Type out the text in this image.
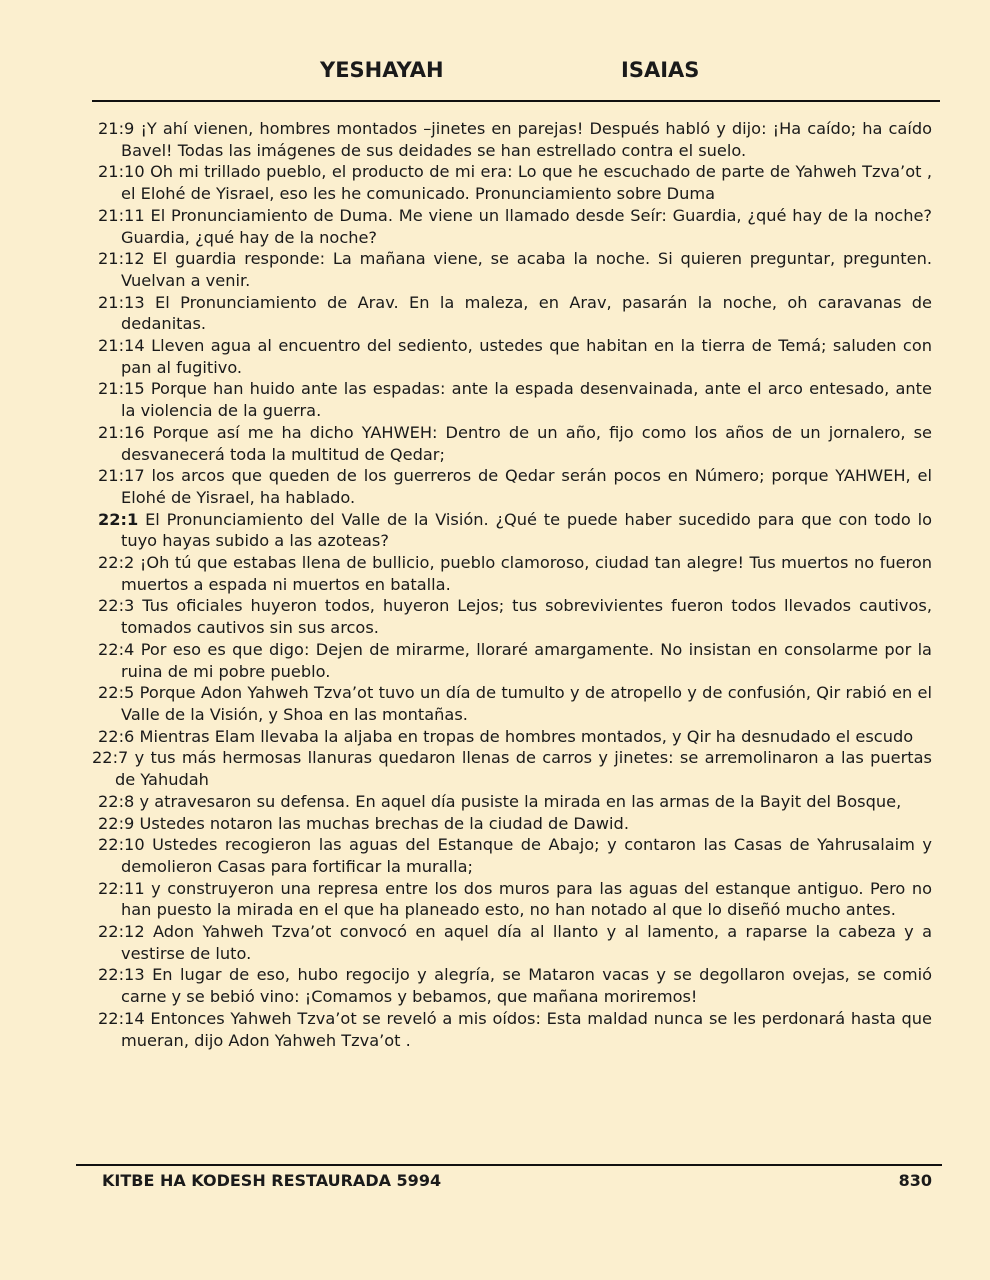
YESHAYAH	ISAIAS
21:9 ¡Y ahí vienen, hombres montados –jinetes en parejas! Después habló y dijo: ¡Ha caído; ha caído Bavel! Todas las imágenes de sus deidades se han estrellado contra el suelo.
21:10 Oh mi trillado pueblo, el producto de mi era: Lo que he escuchado de parte de Yahweh Tzva’ot , el Elohé de Yisrael, eso les he comunicado. Pronunciamiento sobre Duma
21:11 El Pronunciamiento de Duma. Me viene un llamado desde Seír: Guardia, ¿qué hay de la noche? Guardia, ¿qué hay de la noche?
21:12 El guardia responde: La mañana viene, se acaba la noche. Si quieren preguntar, pregunten. Vuelvan a venir.
21:13 El Pronunciamiento de Arav. En la maleza, en Arav, pasarán la noche, oh caravanas de dedanitas.
21:14 Lleven agua al encuentro del sediento, ustedes que habitan en la tierra de Temá; saluden con pan al fugitivo.
21:15 Porque han huido ante las espadas: ante la espada desenvainada, ante el arco entesado, ante la violencia de la guerra.
21:16 Porque así me ha dicho YAHWEH: Dentro de un año, fijo como los años de un jornalero, se desvanecerá toda la multitud de Qedar;
21:17 los arcos que queden de los guerreros de Qedar serán pocos en Número; porque YAHWEH, el Elohé de Yisrael, ha hablado.
22:1 El Pronunciamiento del Valle de la Visión. ¿Qué te puede haber sucedido para que con todo lo tuyo hayas subido a las azoteas?
22:2 ¡Oh tú que estabas llena de bullicio, pueblo clamoroso, ciudad tan alegre! Tus muertos no fueron muertos a espada ni muertos en batalla.
22:3 Tus oficiales huyeron todos, huyeron Lejos; tus sobrevivientes fueron todos llevados cautivos, tomados cautivos sin sus arcos.
22:4 Por eso es que digo: Dejen de mirarme, lloraré amargamente. No insistan en consolarme por la ruina de mi pobre pueblo.
22:5 Porque Adon Yahweh Tzva’ot tuvo un día de tumulto y de atropello y de confusión, Qir rabió en el Valle de la Visión, y Shoa en las montañas.
22:6 Mientras Elam llevaba la aljaba en tropas de hombres montados, y Qir ha desnudado el escudo
22:7 y tus más hermosas llanuras quedaron llenas de carros y jinetes: se arremolinaron a las puertas de Yahudah
22:8 y atravesaron su defensa. En aquel día pusiste la mirada en las armas de la Bayit del Bosque,
22:9 Ustedes notaron las muchas brechas de la ciudad de Dawid.
22:10 Ustedes recogieron las aguas del Estanque de Abajo; y contaron las Casas de Yahrusalaim y demolieron Casas para fortificar la muralla;
22:11 y construyeron una represa entre los dos muros para las aguas del estanque antiguo. Pero no han puesto la mirada en el que ha planeado esto, no han notado al que lo diseñó mucho antes.
22:12 Adon Yahweh Tzva’ot convocó en aquel día al llanto y al lamento, a raparse la cabeza y a vestirse de luto.
22:13 En lugar de eso, hubo regocijo y alegría, se Mataron vacas y se degollaron ovejas, se comió carne y se bebió vino: ¡Comamos y bebamos, que mañana moriremos!
22:14 Entonces Yahweh Tzva’ot se reveló a mis oídos: Esta maldad nunca se les perdonará hasta que mueran, dijo Adon Yahweh Tzva’ot .
KITBE HA KODESH RESTAURADA 5994	830
